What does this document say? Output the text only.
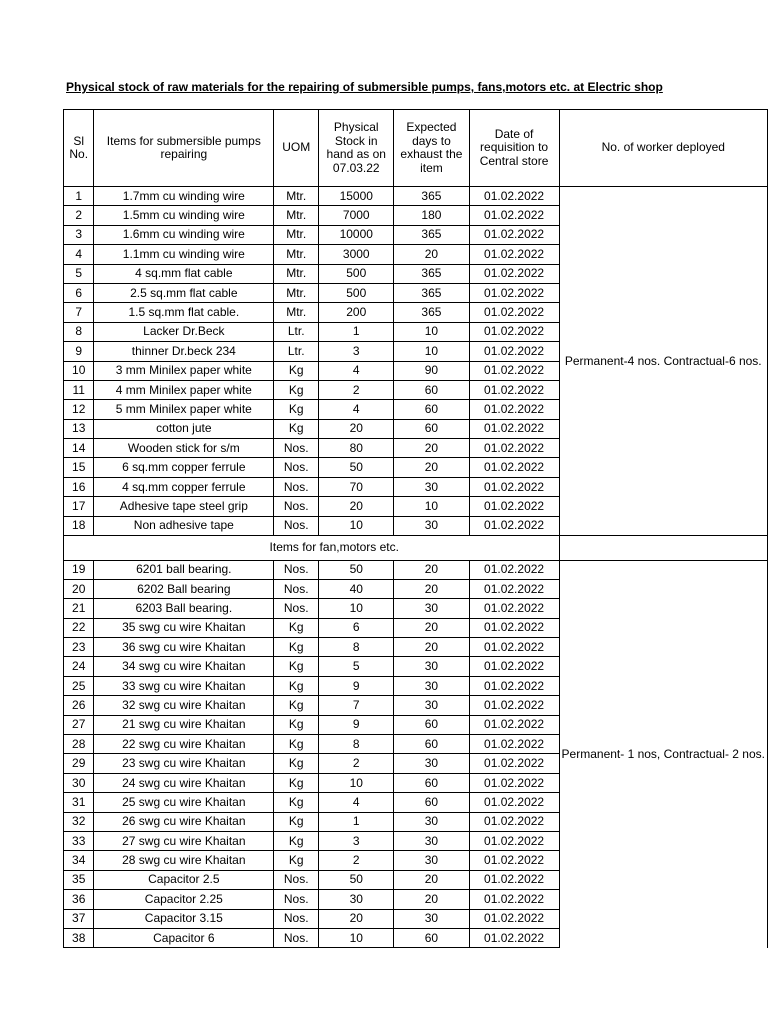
Physical stock of raw materials for the repairing of submersible pumps, fans,motors etc. at Electric shop
Sl No.	Items for submersible pumps repairing	UOM	Physical Stock in hand as on 07.03.22	Expected days to exhaust the item	Date of requisition to Central store	No. of worker deployed
1	1.7mm cu winding wire	Mtr.	15000	365	01.02.2022	Permanent-4 nos. Contractual-6 nos.
2	1.5mm cu winding wire	Mtr.	7000	180	01.02.2022	
3	1.6mm cu winding wire	Mtr.	10000	365	01.02.2022	
4	1.1mm cu winding wire	Mtr.	3000	20	01.02.2022	
5	4 sq.mm flat cable	Mtr.	500	365	01.02.2022	
6	2.5 sq.mm flat cable	Mtr.	500	365	01.02.2022	
7	1.5 sq.mm flat cable.	Mtr.	200	365	01.02.2022	
8	Lacker Dr.Beck	Ltr.	1	10	01.02.2022	
9	thinner Dr.beck 234	Ltr.	3	10	01.02.2022	
10	3 mm Minilex paper white	Kg	4	90	01.02.2022	
11	4 mm Minilex paper white	Kg	2	60	01.02.2022	
12	5 mm Minilex paper white	Kg	4	60	01.02.2022	
13	cotton jute	Kg	20	60	01.02.2022	
14	Wooden stick for s/m	Nos.	80	20	01.02.2022	
15	6 sq.mm copper ferrule	Nos.	50	20	01.02.2022	
16	4 sq.mm copper ferrule	Nos.	70	30	01.02.2022	
17	Adhesive tape steel grip	Nos.	20	10	01.02.2022	
18	Non adhesive tape	Nos.	10	30	01.02.2022	
	Items for fan,motors etc.					
19	6201 ball bearing.	Nos.	50	20	01.02.2022	Permanent- 1 nos, Contractual- 2 nos.
20	6202 Ball bearing	Nos.	40	20	01.02.2022	
21	6203 Ball bearing.	Nos.	10	30	01.02.2022	
22	35 swg cu wire Khaitan	Kg	6	20	01.02.2022	
23	36 swg cu wire Khaitan	Kg	8	20	01.02.2022	
24	34 swg cu wire Khaitan	Kg	5	30	01.02.2022	
25	33 swg cu wire Khaitan	Kg	9	30	01.02.2022	
26	32 swg cu wire Khaitan	Kg	7	30	01.02.2022	
27	21 swg cu wire Khaitan	Kg	9	60	01.02.2022	
28	22 swg cu wire Khaitan	Kg	8	60	01.02.2022	
29	23 swg cu wire Khaitan	Kg	2	30	01.02.2022	
30	24 swg cu wire Khaitan	Kg	10	60	01.02.2022	
31	25 swg cu wire Khaitan	Kg	4	60	01.02.2022	
32	26 swg cu wire Khaitan	Kg	1	30	01.02.2022	
33	27 swg cu wire Khaitan	Kg	3	30	01.02.2022	
34	28 swg cu wire Khaitan	Kg	2	30	01.02.2022	
35	Capacitor 2.5	Nos.	50	20	01.02.2022	
36	Capacitor 2.25	Nos.	30	20	01.02.2022	
37	Capacitor 3.15	Nos.	20	30	01.02.2022	
38	Capacitor 6	Nos.	10	60	01.02.2022	
